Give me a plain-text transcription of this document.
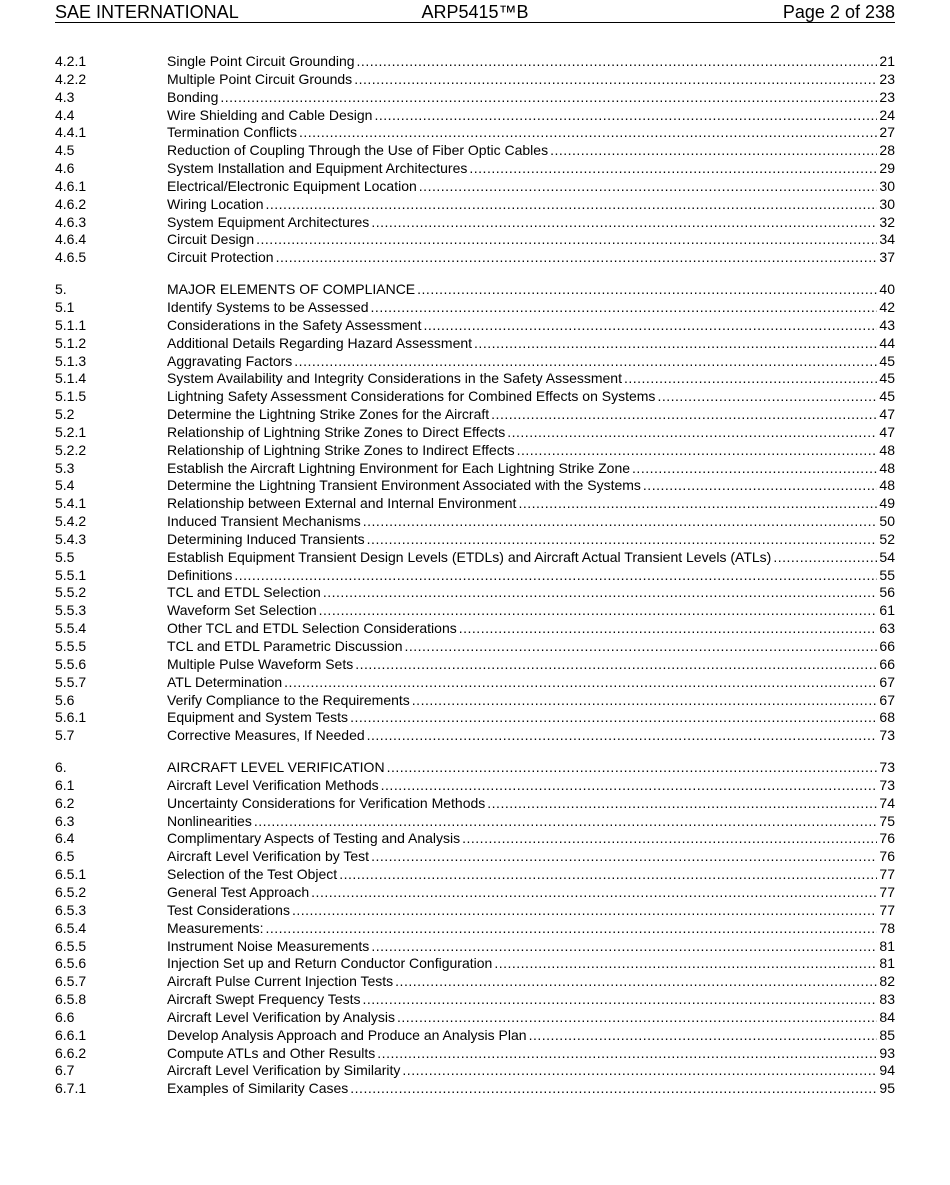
SAE INTERNATIONAL	ARP5415™B	Page 2 of 238
4.2.1	Single Point Circuit Grounding .....	21
4.2.2	Multiple Point Circuit Grounds .....	23
4.3	Bonding .....	23
4.4	Wire Shielding and Cable Design .....	24
4.4.1	Termination Conflicts .....	27
4.5	Reduction of Coupling Through the Use of Fiber Optic Cables .....	28
4.6	System Installation and Equipment Architectures .....	29
4.6.1	Electrical/Electronic Equipment Location .....	30
4.6.2	Wiring Location .....	30
4.6.3	System Equipment Architectures .....	32
4.6.4	Circuit Design .....	34
4.6.5	Circuit Protection .....	37
5.	MAJOR ELEMENTS OF COMPLIANCE .....	40
5.1	Identify Systems to be Assessed .....	42
5.1.1	Considerations in the Safety Assessment .....	43
5.1.2	Additional Details Regarding Hazard Assessment .....	44
5.1.3	Aggravating Factors .....	45
5.1.4	System Availability and Integrity Considerations in the Safety Assessment .....	45
5.1.5	Lightning Safety Assessment Considerations for Combined Effects on Systems .....	45
5.2	Determine the Lightning Strike Zones for the Aircraft .....	47
5.2.1	Relationship of Lightning Strike Zones to Direct Effects .....	47
5.2.2	Relationship of Lightning Strike Zones to Indirect Effects .....	48
5.3	Establish the Aircraft Lightning Environment for Each Lightning Strike Zone .....	48
5.4	Determine the Lightning Transient Environment Associated with the Systems .....	48
5.4.1	Relationship between External and Internal Environment .....	49
5.4.2	Induced Transient Mechanisms .....	50
5.4.3	Determining Induced Transients .....	52
5.5	Establish Equipment Transient Design Levels (ETDLs) and Aircraft Actual Transient Levels (ATLs) .....	54
5.5.1	Definitions .....	55
5.5.2	TCL and ETDL Selection .....	56
5.5.3	Waveform Set Selection .....	61
5.5.4	Other TCL and ETDL Selection Considerations .....	63
5.5.5	TCL and ETDL Parametric Discussion .....	66
5.5.6	Multiple Pulse Waveform Sets .....	66
5.5.7	ATL Determination .....	67
5.6	Verify Compliance to the Requirements .....	67
5.6.1	Equipment and System Tests .....	68
5.7	Corrective Measures, If Needed .....	73
6.	AIRCRAFT LEVEL VERIFICATION .....	73
6.1	Aircraft Level Verification Methods .....	73
6.2	Uncertainty Considerations for Verification Methods .....	74
6.3	Nonlinearities .....	75
6.4	Complimentary Aspects of Testing and Analysis .....	76
6.5	Aircraft Level Verification by Test .....	76
6.5.1	Selection of the Test Object .....	77
6.5.2	General Test Approach .....	77
6.5.3	Test Considerations .....	77
6.5.4	Measurements: .....	78
6.5.5	Instrument Noise Measurements .....	81
6.5.6	Injection Set up and Return Conductor Configuration .....	81
6.5.7	Aircraft Pulse Current Injection Tests .....	82
6.5.8	Aircraft Swept Frequency Tests .....	83
6.6	Aircraft Level Verification by Analysis .....	84
6.6.1	Develop Analysis Approach and Produce an Analysis Plan .....	85
6.6.2	Compute ATLs and Other Results .....	93
6.7	Aircraft Level Verification by Similarity .....	94
6.7.1	Examples of Similarity Cases .....	95
